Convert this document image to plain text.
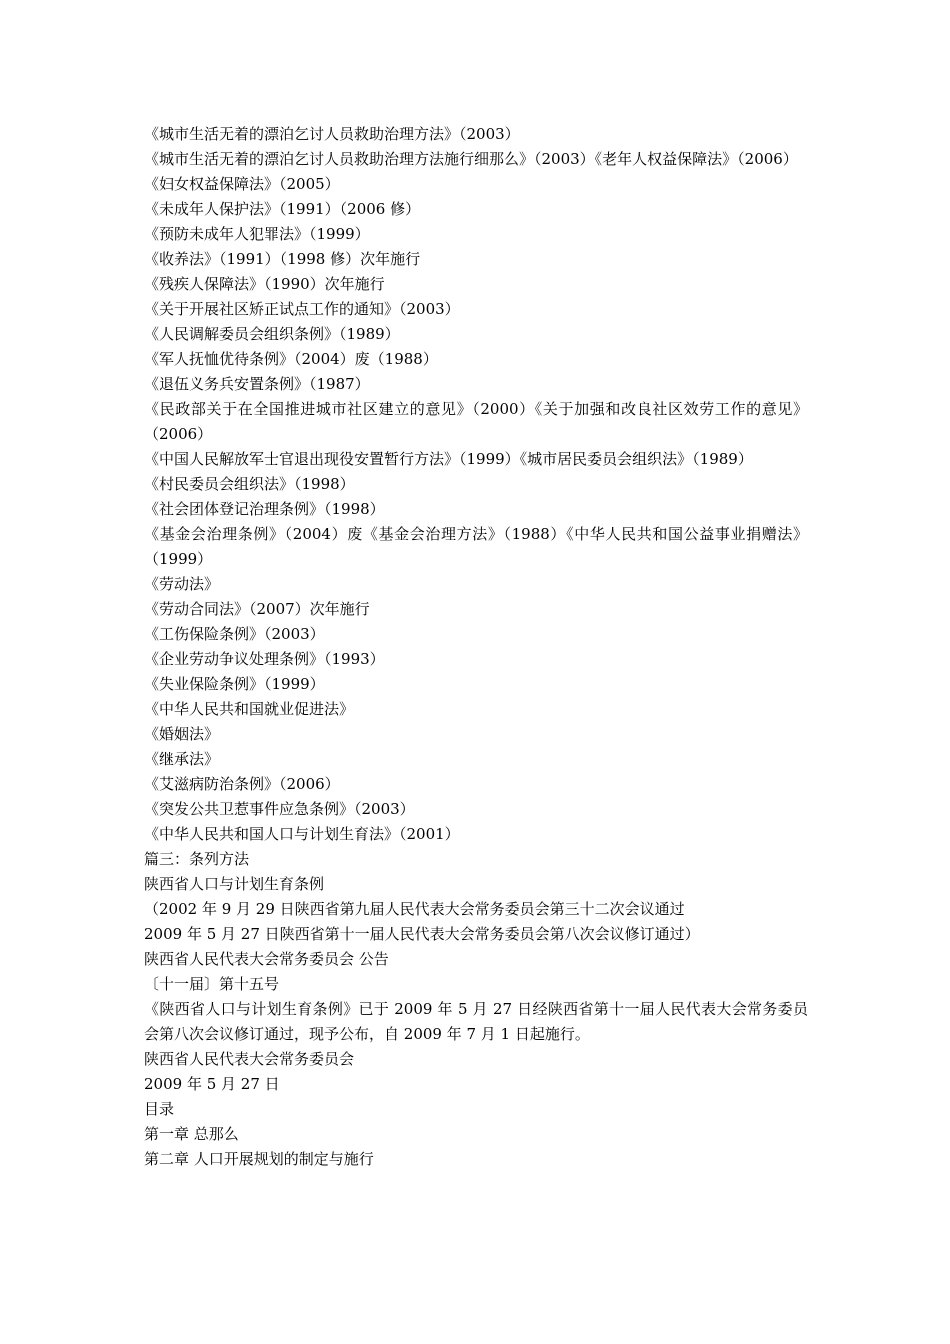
《城市生活无着的漂泊乞讨人员救助治理方法》（2003）
《城市生活无着的漂泊乞讨人员救助治理方法施行细那么》（2003）《老年人权益保障法》（2006）
《妇女权益保障法》（2005）
《未成年人保护法》（1991）（2006 修）
《预防未成年人犯罪法》（1999）
《收养法》（1991）（1998 修）次年施行
《残疾人保障法》（1990）次年施行
《关于开展社区矫正试点工作的通知》（2003）
《人民调解委员会组织条例》（1989）
《军人抚恤优待条例》（2004）废（1988）
《退伍义务兵安置条例》（1987）
《民政部关于在全国推进城市社区建立的意见》（2000）《关于加强和改良社区效劳工作的意见》（2006）
《中国人民解放军士官退出现役安置暂行方法》（1999）《城市居民委员会组织法》（1989）
《村民委员会组织法》（1998）
《社会团体登记治理条例》（1998）
《基金会治理条例》（2004）废《基金会治理方法》（1988）《中华人民共和国公益事业捐赠法》（1999）
《劳动法》
《劳动合同法》（2007）次年施行
《工伤保险条例》（2003）
《企业劳动争议处理条例》（1993）
《失业保险条例》（1999）
《中华人民共和国就业促进法》
《婚姻法》
《继承法》
《艾滋病防治条例》（2006）
《突发公共卫惹事件应急条例》（2003）
《中华人民共和国人口与计划生育法》（2001）
篇三：条列方法
陕西省人口与计划生育条例
（2002 年 9 月 29 日陕西省第九届人民代表大会常务委员会第三十二次会议通过
2009 年 5 月 27 日陕西省第十一届人民代表大会常务委员会第八次会议修订通过）
陕西省人民代表大会常务委员会 公告
〔十一届〕第十五号
《陕西省人口与计划生育条例》已于 2009 年 5 月 27 日经陕西省第十一届人民代表大会常务委员会第八次会议修订通过，现予公布，自 2009 年 7 月 1 日起施行。
陕西省人民代表大会常务委员会
2009 年 5 月 27 日
目录
第一章 总那么
第二章 人口开展规划的制定与施行
